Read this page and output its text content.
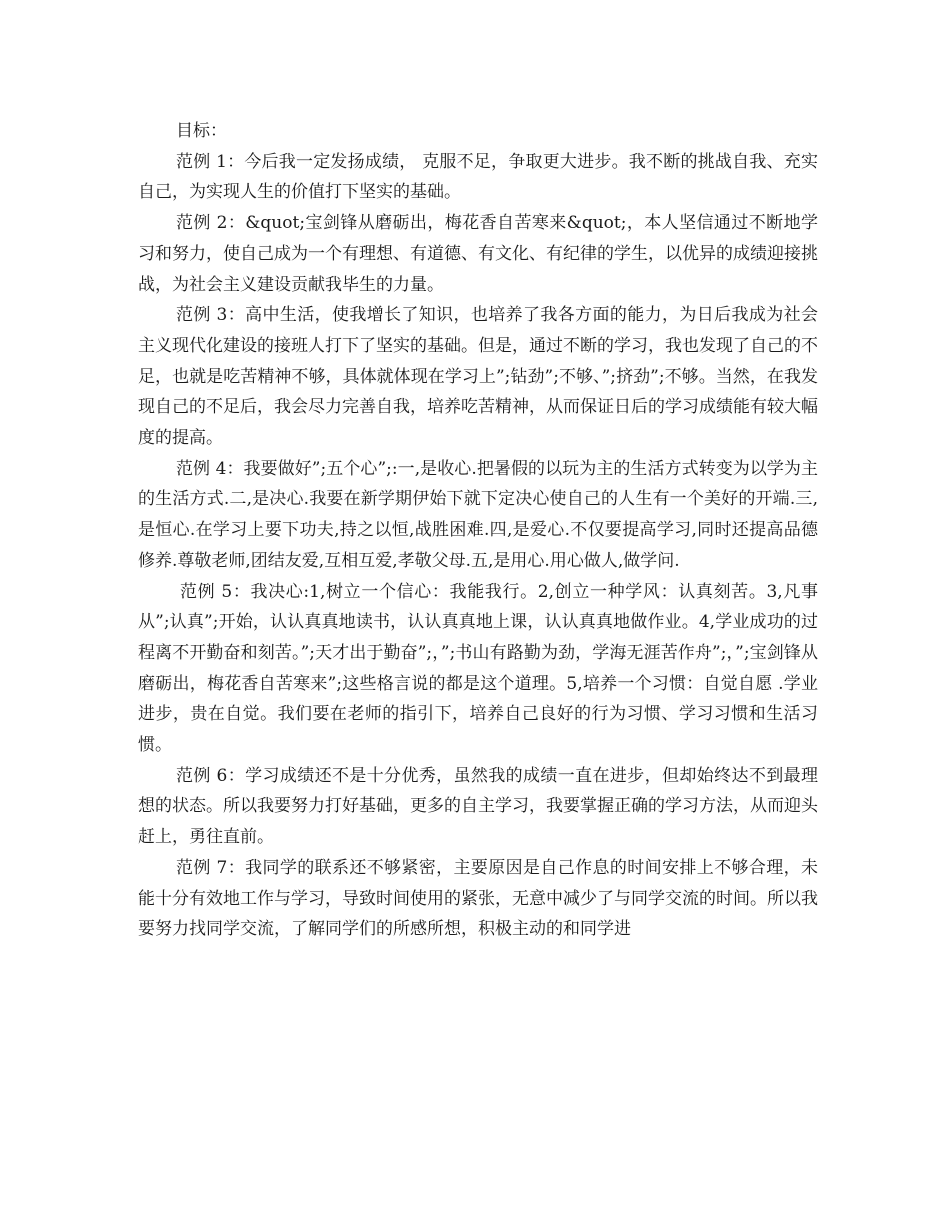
目标：

范例 1：今后我一定发扬成绩， 克服不足，争取更大进步。我不断的挑战自我、充实自己，为实现人生的价值打下坚实的基础。

范例 2：&quot;宝剑锋从磨砺出，梅花香自苦寒来&quot;，本人坚信通过不断地学习和努力，使自己成为一个有理想、有道德、有文化、有纪律的学生，以优异的成绩迎接挑战，为社会主义建设贡献我毕生的力量。

范例 3：高中生活，使我增长了知识，也培养了我各方面的能力，为日后我成为社会主义现代化建设的接班人打下了坚实的基础。但是，通过不断的学习，我也发现了自己的不足，也就是吃苦精神不够，具体就体现在学习上”;钻劲”;不够、”;挤劲”;不够。当然，在我发现自己的不足后，我会尽力完善自我，培养吃苦精神，从而保证日后的学习成绩能有较大幅度的提高。

范例 4：我要做好”;五个心”;:一,是收心.把暑假的以玩为主的生活方式转变为以学为主的生活方式.二,是决心.我要在新学期伊始下就下定决心使自己的人生有一个美好的开端.三,是恒心.在学习上要下功夫,持之以恒,战胜困难.四,是爱心.不仅要提高学习,同时还提高品德修养.尊敬老师,团结友爱,互相互爱,孝敬父母.五,是用心.用心做人,做学问.

范例 5：我决心:1,树立一个信心：我能我行。2,创立一种学风：认真刻苦。3,凡事从”;认真”;开始，认认真真地读书，认认真真地上课，认认真真地做作业。4,学业成功的过程离不开勤奋和刻苦。”;天才出于勤奋”;，”;书山有路勤为劲，学海无涯苦作舟”;，”;宝剑锋从磨砺出，梅花香自苦寒来”;这些格言说的都是这个道理。5,培养一个习惯：自觉自愿 .学业进步，贵在自觉。我们要在老师的指引下，培养自己良好的行为习惯、学习习惯和生活习惯。

范例 6：学习成绩还不是十分优秀，虽然我的成绩一直在进步，但却始终达不到最理想的状态。所以我要努力打好基础，更多的自主学习，我要掌握正确的学习方法，从而迎头赶上，勇往直前。

范例 7：我同学的联系还不够紧密，主要原因是自己作息的时间安排上不够合理，未能十分有效地工作与学习，导致时间使用的紧张，无意中减少了与同学交流的时间。所以我要努力找同学交流，了解同学们的所感所想，积极主动的和同学进
